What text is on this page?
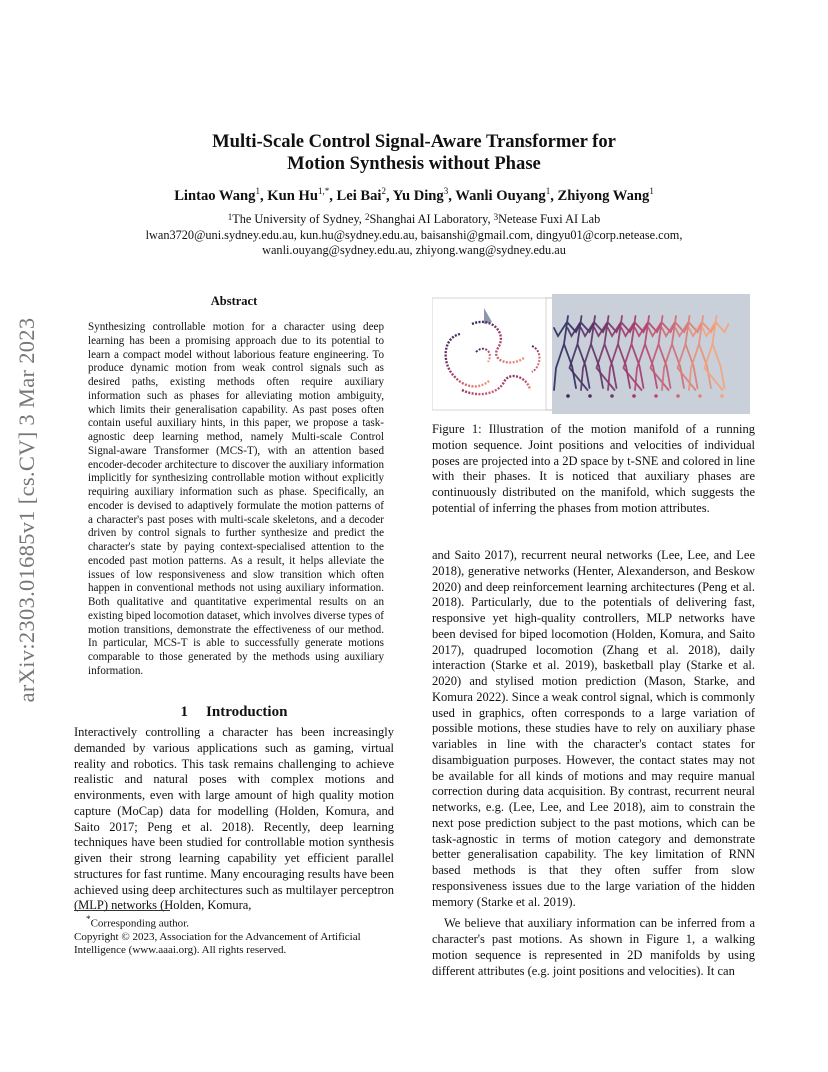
arXiv:2303.01685v1 [cs.CV] 3 Mar 2023
Multi-Scale Control Signal-Aware Transformer for
Motion Synthesis without Phase
Lintao Wang$^1$, Kun $Hu^{1,*}$, Lei Bai$^2$, Yu Ding$^3$, Wanli Ouyang$^1$, Zhiyong Wang$^1$
$^1$The University of Sydney, $^2$Shanghai AI Laboratory, $^3$Netease Fuxi AI Lab
lwan3720@uni.sydney.edu.au, kun.hu@sydney.edu.au, baisanshi@gmail.com, dingyu01@corp.netease.com,
wanli.ouyang@sydney.edu.au, zhiyong.wang@sydney.edu.au
Abstract
Synthesizing controllable motion for a character using deep learning has been a promising approach due to its potential to learn a compact model without laborious feature engineering. To produce dynamic motion from weak control signals such as desired paths, existing methods often require auxiliary information such as phases for alleviating motion ambiguity, which limits their generalisation capability. As past poses often contain useful auxiliary hints, in this paper, we propose a task-agnostic deep learning method, namely Multi-scale Control Signal-aware Transformer (MCS-T), with an attention based encoder-decoder architecture to discover the auxiliary information implicitly for synthesizing controllable motion without explicitly requiring auxiliary information such as phase. Specifically, an encoder is devised to adaptively formulate the motion patterns of a character's past poses with multi-scale skeletons, and a decoder driven by control signals to further synthesize and predict the character's state by paying context-specialised attention to the encoded past motion patterns. As a result, it helps alleviate the issues of low responsiveness and slow transition which often happen in conventional methods not using auxiliary information. Both qualitative and quantitative experimental results on an existing biped locomotion dataset, which involves diverse types of motion transitions, demonstrate the effectiveness of our method. In particular, MCS-T is able to successfully generate motions comparable to those generated by the methods using auxiliary information.
1 Introduction

Interactively controlling a character has been increasingly demanded by various applications such as gaming, virtual reality and robotics. This task remains challenging to achieve realistic and natural poses with complex motions and environments, even with large amount of high quality motion capture (MoCap) data for modelling (Holden, Komura, and Saito 2017; Peng et al. 2018). Recently, deep learning techniques have been studied for controllable motion synthesis given their strong learning capability yet efficient parallel structures for fast runtime. Many encouraging results have been achieved using deep architectures such as multilayer perceptron (MLP) networks (Holden, Komura,

*Corresponding author.
Copyright © 2023, Association for the Advancement of Artificial Intelligence (www.aaai.org). All rights reserved.
Figure 1: Illustration of the motion manifold of a running motion sequence. Joint positions and velocities of individual poses are projected into a 2D space by t-SNE and colored in line with their phases. It is noticed that auxiliary phases are continuously distributed on the manifold, which suggests the potential of inferring the phases from motion attributes.

and Saito 2017), recurrent neural networks (Lee, Lee, and Lee 2018), generative networks (Henter, Alexanderson, and Beskow 2020) and deep reinforcement learning architectures (Peng et al. 2018). Particularly, due to the potentials of delivering fast, responsive yet high-quality controllers, MLP networks have been devised for biped locomotion (Holden, Komura, and Saito 2017), quadruped locomotion (Zhang et al. 2018), daily interaction (Starke et al. 2019), basketball play (Starke et al. 2020) and stylised motion prediction (Mason, Starke, and Komura 2022). Since a weak control signal, which is commonly used in graphics, often corresponds to a large variation of possible motions, these studies have to rely on auxiliary phase variables in line with the character's contact states for disambiguation purposes. However, the contact states may not be available for all kinds of motions and may require manual correction during data acquisition. By contrast, recurrent neural networks, e.g. (Lee, Lee, and Lee 2018), aim to constrain the next pose prediction subject to the past motions, which can be task-agnostic in terms of motion category and demonstrate better generalisation capability. The key limitation of RNN based methods is that they often suffer from slow responsiveness issues due to the large variation of the hidden memory (Starke et al. 2019).

We believe that auxiliary information can be inferred from a character's past motions. As shown in Figure 1, a walking motion sequence is represented in 2D manifolds by using different attributes (e.g. joint positions and velocities). It can
